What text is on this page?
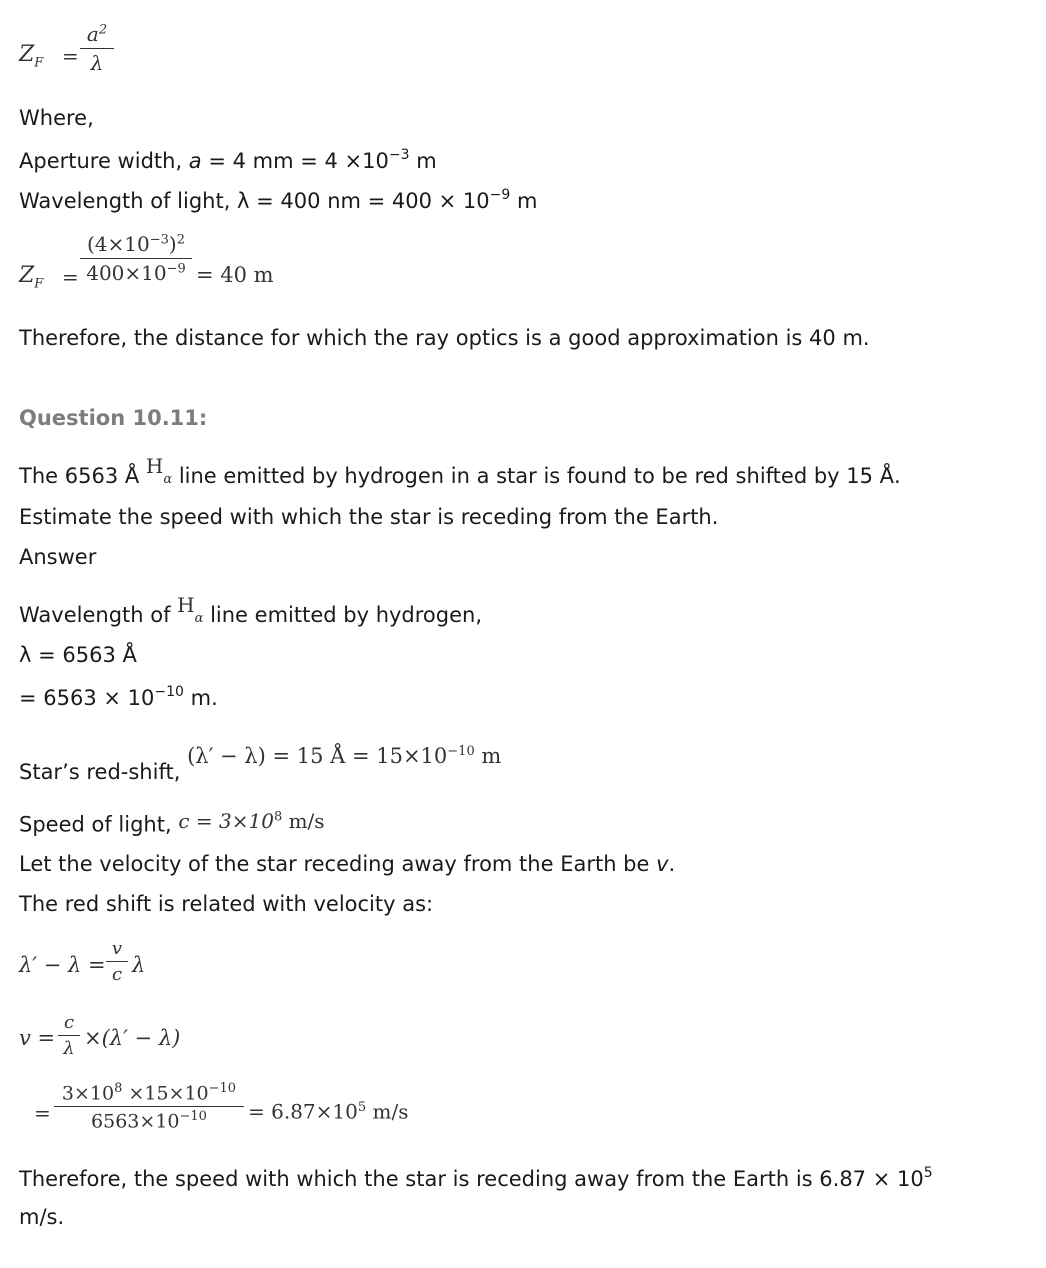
$Z_F$ =
$a^2$
λ
Where,
Aperture width, a = 4 mm = $4 \times 10^{-3}$ m
Wavelength of light, λ = 400 nm = $400 \times 10^{-9}$ m
$Z_F$ =
$(4\times 10^{-3})^2$
$400\times 10^{-9} = 40$ m
Therefore, the distance for which the ray optics is a good approximation is 40 m.
Question 10.11:
The 6563 Å Hα line emitted by hydrogen in a star is found to be red shifted by 15 Å.
Estimate the speed with which the star is receding from the Earth.
Answer
Wavelength of Hα line emitted by hydrogen,
λ = 6563 Å
= $6563 \times 10^{-10}$ m.
Star’s red-shift, (λ′ − λ) = 15 Å = $15\times 10^{-10}$ m
Speed of light, $c = 3\times 10^8$ m/s
Let the velocity of the star receding away from the Earth be v.
The red shift is related with velocity as:
λ′ − λ =
v
c λ
v =
c
λ ×(λ′ − λ)
=
$3\times 10^8 \times 15\times 10^{-10}$
$6563\times 10^{-10}$	= $6.87\times 10^5$ m/s
Therefore, the speed with which the star is receding away from the Earth is $6.87 \times 10^5$
m/s.
